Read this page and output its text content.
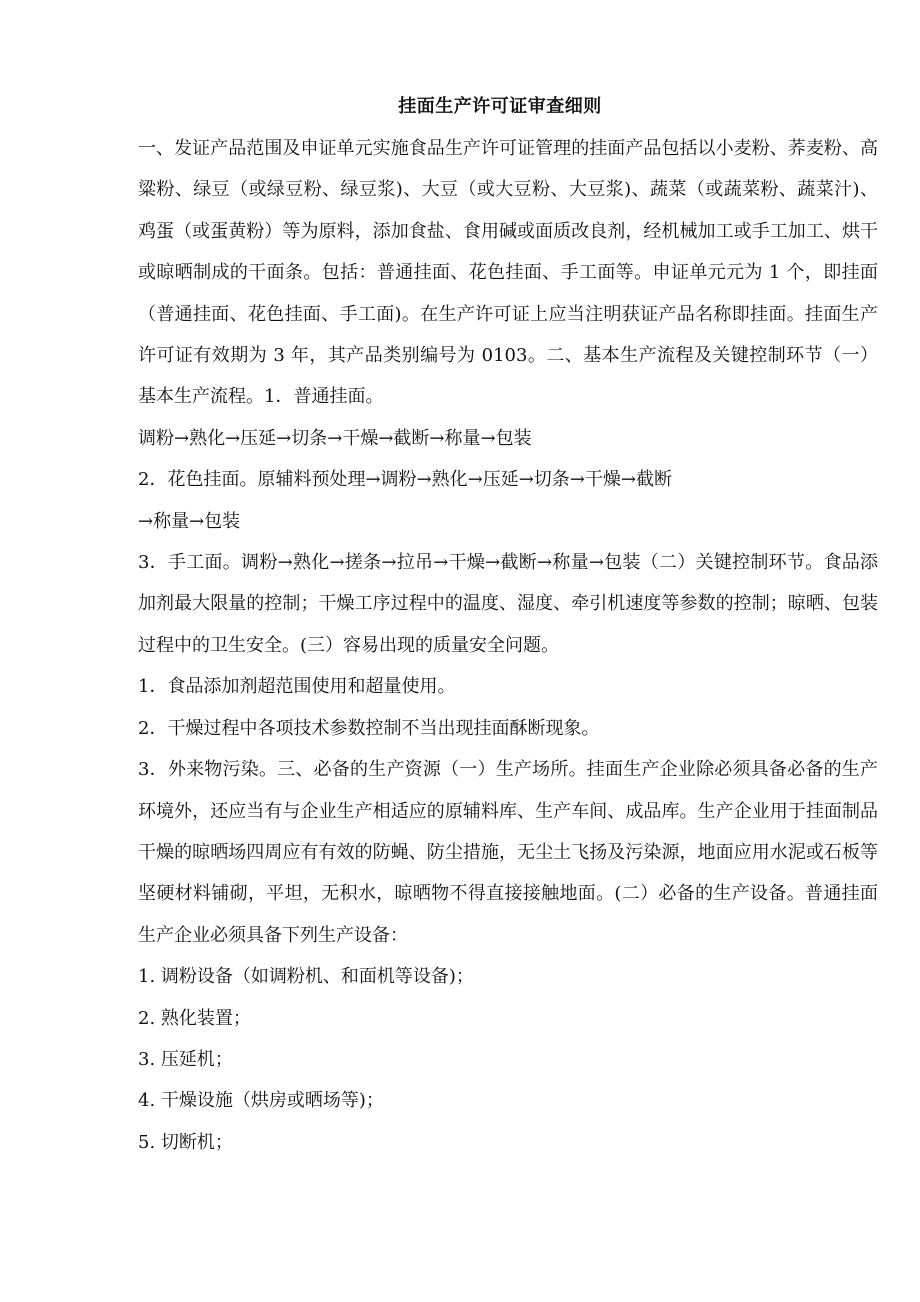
挂面生产许可证审查细则

一、发证产品范围及申证单元实施食品生产许可证管理的挂面产品包括以小麦粉、荞麦粉、高粱粉、绿豆（或绿豆粉、绿豆浆)、大豆（或大豆粉、大豆浆)、蔬菜（或蔬菜粉、蔬菜汁)、鸡蛋（或蛋黄粉）等为原料，添加食盐、食用碱或面质改良剂，经机械加工或手工加工、烘干或晾晒制成的干面条。包括：普通挂面、花色挂面、手工面等。申证单元元为 1 个，即挂面（普通挂面、花色挂面、手工面)。在生产许可证上应当注明获证产品名称即挂面。挂面生产许可证有效期为 3 年，其产品类别编号为 0103。二、基本生产流程及关键控制环节（一）基本生产流程。1．普通挂面。

调粉→熟化→压延→切条→干燥→截断→称量→包装

2．花色挂面。原辅料预处理→调粉→熟化→压延→切条→干燥→截断

→称量→包装

3．手工面。调粉→熟化→搓条→拉吊→干燥→截断→称量→包装（二）关键控制环节。食品添加剂最大限量的控制；干燥工序过程中的温度、湿度、牵引机速度等参数的控制；晾晒、包装过程中的卫生安全。(三）容易出现的质量安全问题。

1．食品添加剂超范围使用和超量使用。

2．干燥过程中各项技术参数控制不当出现挂面酥断现象。

3．外来物污染。三、必备的生产资源（一）生产场所。挂面生产企业除必须具备必备的生产环境外，还应当有与企业生产相适应的原辅料库、生产车间、成品库。生产企业用于挂面制品干燥的晾晒场四周应有有效的防蝇、防尘措施，无尘土飞扬及污染源，地面应用水泥或石板等坚硬材料铺砌，平坦，无积水，晾晒物不得直接接触地面。(二）必备的生产设备。普通挂面生产企业必须具备下列生产设备：

1. 调粉设备（如调粉机、和面机等设备)；

2. 熟化装置；

3. 压延机；

4. 干燥设施（烘房或晒场等)；

5. 切断机；
